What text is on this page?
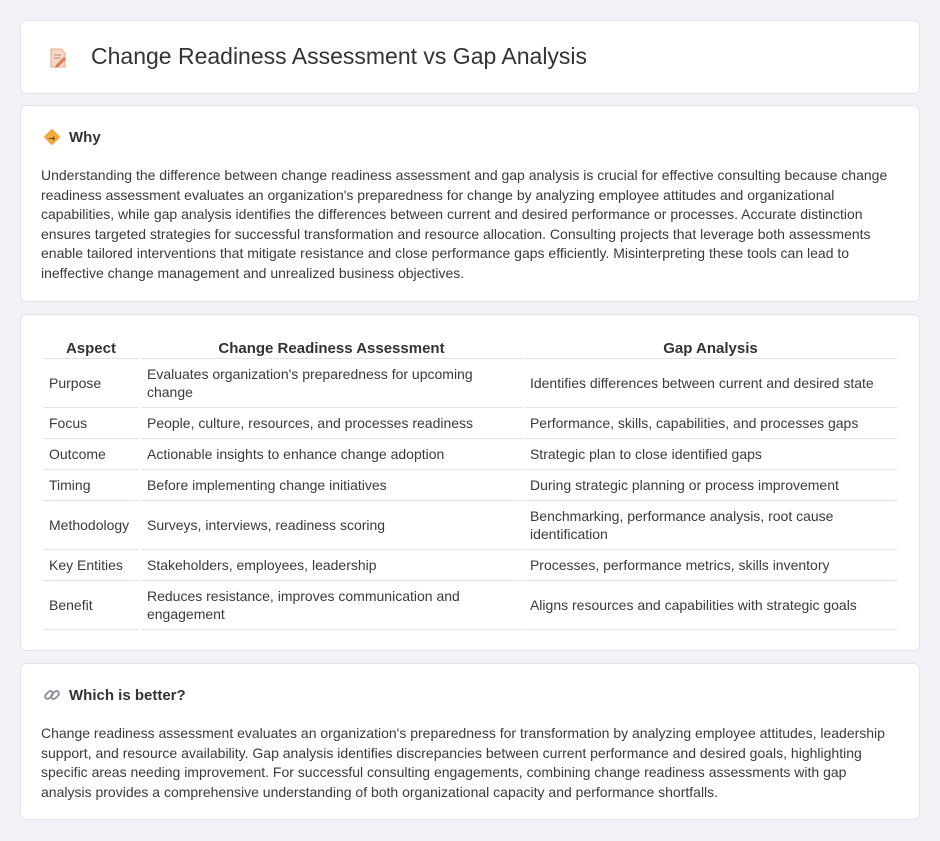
Change Readiness Assessment vs Gap Analysis
Why

Understanding the difference between change readiness assessment and gap analysis is crucial for effective consulting because change readiness assessment evaluates an organization's preparedness for change by analyzing employee attitudes and organizational capabilities, while gap analysis identifies the differences between current and desired performance or processes. Accurate distinction ensures targeted strategies for successful transformation and resource allocation. Consulting projects that leverage both assessments enable tailored interventions that mitigate resistance and close performance gaps efficiently. Misinterpreting these tools can lead to ineffective change management and unrealized business objectives.

Aspect	Change Readiness Assessment	Gap Analysis
Purpose	Evaluates organization's preparedness for upcoming change	Identifies differences between current and desired state
Focus	People, culture, resources, and processes readiness	Performance, skills, capabilities, and processes gaps
Outcome	Actionable insights to enhance change adoption	Strategic plan to close identified gaps
Timing	Before implementing change initiatives	During strategic planning or process improvement
Methodology	Surveys, interviews, readiness scoring	Benchmarking, performance analysis, root cause identification
Key Entities	Stakeholders, employees, leadership	Processes, performance metrics, skills inventory
Benefit	Reduces resistance, improves communication and engagement	Aligns resources and capabilities with strategic goals
Which is better?

Change readiness assessment evaluates an organization's preparedness for transformation by analyzing employee attitudes, leadership support, and resource availability. Gap analysis identifies discrepancies between current performance and desired goals, highlighting specific areas needing improvement. For successful consulting engagements, combining change readiness assessments with gap analysis provides a comprehensive understanding of both organizational capacity and performance shortfalls.
